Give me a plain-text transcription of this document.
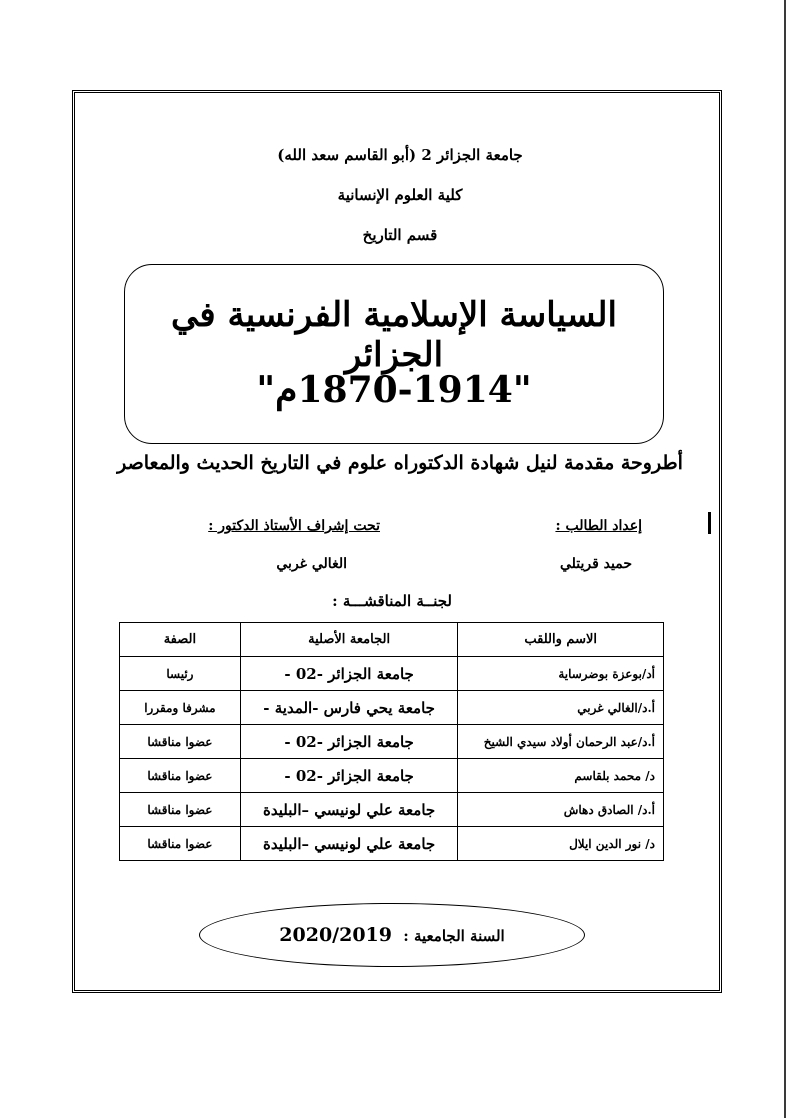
جامعة الجزائر 2 (أبو القاسم سعد الله)
كلية العلوم الإنسانية
قسم التاريخ
السياسة الإسلامية الفرنسية في الجزائر
"1870-1914م"
أطروحة مقدمة لنيل شهادة الدكتوراه علوم في التاريخ الحديث والمعاصر
إعداد الطالب :
تحت إشراف الأستاذ الدكتور :
حميد قريتلي
الغالي غربي
لجنــة المناقشـــة :
الاسم واللقب	الجامعة الأصلية	الصفة
أد/بوعزة بوضرساية	جامعة الجزائر -02 -	رئيسا
أ.د/الغالي غربي	جامعة يحي فارس -المدية -	مشرفا ومقررا
أ.د/عبد الرحمان أولاد سيدي الشيخ	جامعة الجزائر -02 -	عضوا مناقشا
د/ محمد بلقاسم	جامعة الجزائر -02 -	عضوا مناقشا
أ.د/ الصادق دهاش	جامعة علي لونيسي –البليدة	عضوا مناقشا
د/ نور الدين ايلال	جامعة علي لونيسي –البليدة	عضوا مناقشا
السنة الجامعية : 2020/2019
